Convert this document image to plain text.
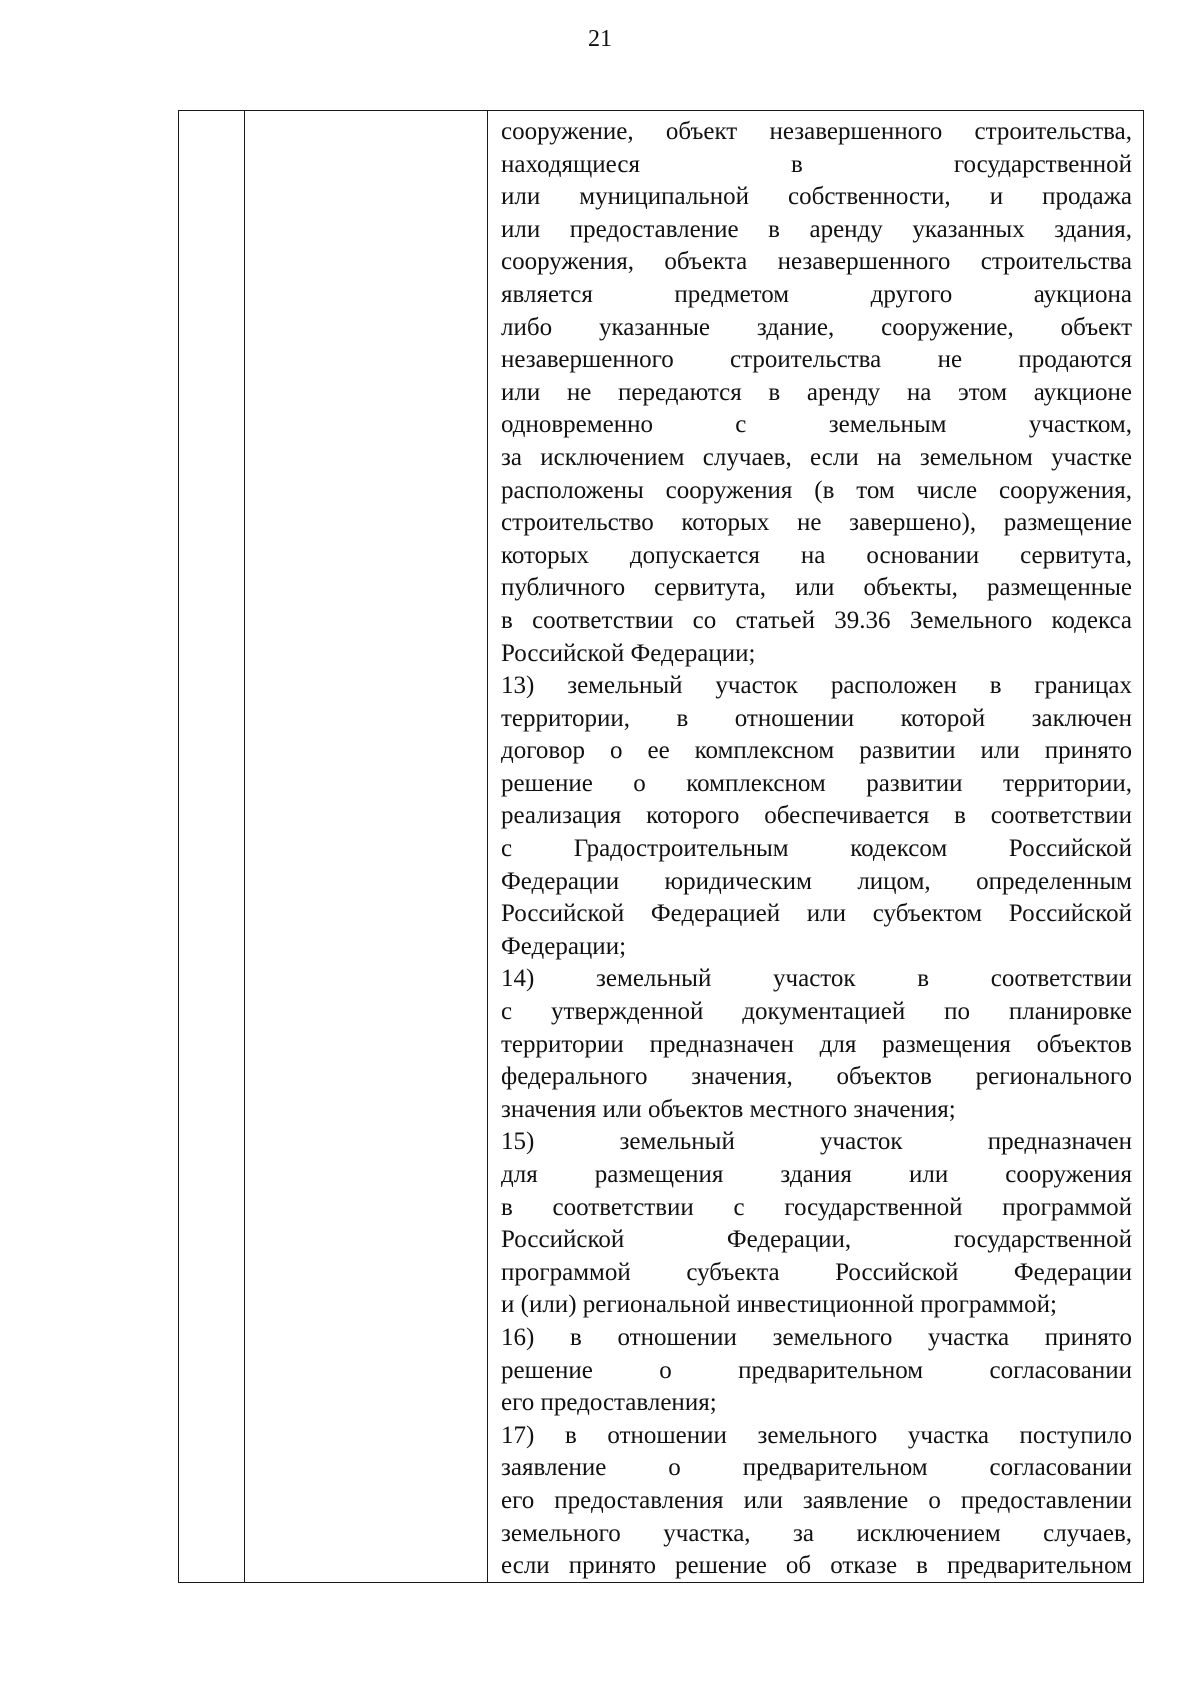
21
сооружение, объект незавершенного строительства,
находящиеся в государственной
или муниципальной собственности, и продажа
или предоставление в аренду указанных здания,
сооружения, объекта незавершенного строительства
является предметом другого аукциона
либо указанные здание, сооружение, объект
незавершенного строительства не продаются
или не передаются в аренду на этом аукционе
одновременно с земельным участком,
за исключением случаев, если на земельном участке
расположены сооружения (в том числе сооружения,
строительство которых не завершено), размещение
которых допускается на основании сервитута,
публичного сервитута, или объекты, размещенные
в соответствии со статьей 39.36 Земельного кодекса
Российской Федерации;
13) земельный участок расположен в границах
территории, в отношении которой заключен
договор о ее комплексном развитии или принято
решение о комплексном развитии территории,
реализация которого обеспечивается в соответствии
с Градостроительным кодексом Российской
Федерации юридическим лицом, определенным
Российской Федерацией или субъектом Российской
Федерации;
14) земельный участок в соответствии
с утвержденной документацией по планировке
территории предназначен для размещения объектов
федерального значения, объектов регионального
значения или объектов местного значения;
15) земельный участок предназначен
для размещения здания или сооружения
в соответствии с государственной программой
Российской Федерации, государственной
программой субъекта Российской Федерации
и (или) региональной инвестиционной программой;
16) в отношении земельного участка принято
решение о предварительном согласовании
его предоставления;
17) в отношении земельного участка поступило
заявление о предварительном согласовании
его предоставления или заявление о предоставлении
земельного участка, за исключением случаев,
если принято решение об отказе в предварительном
